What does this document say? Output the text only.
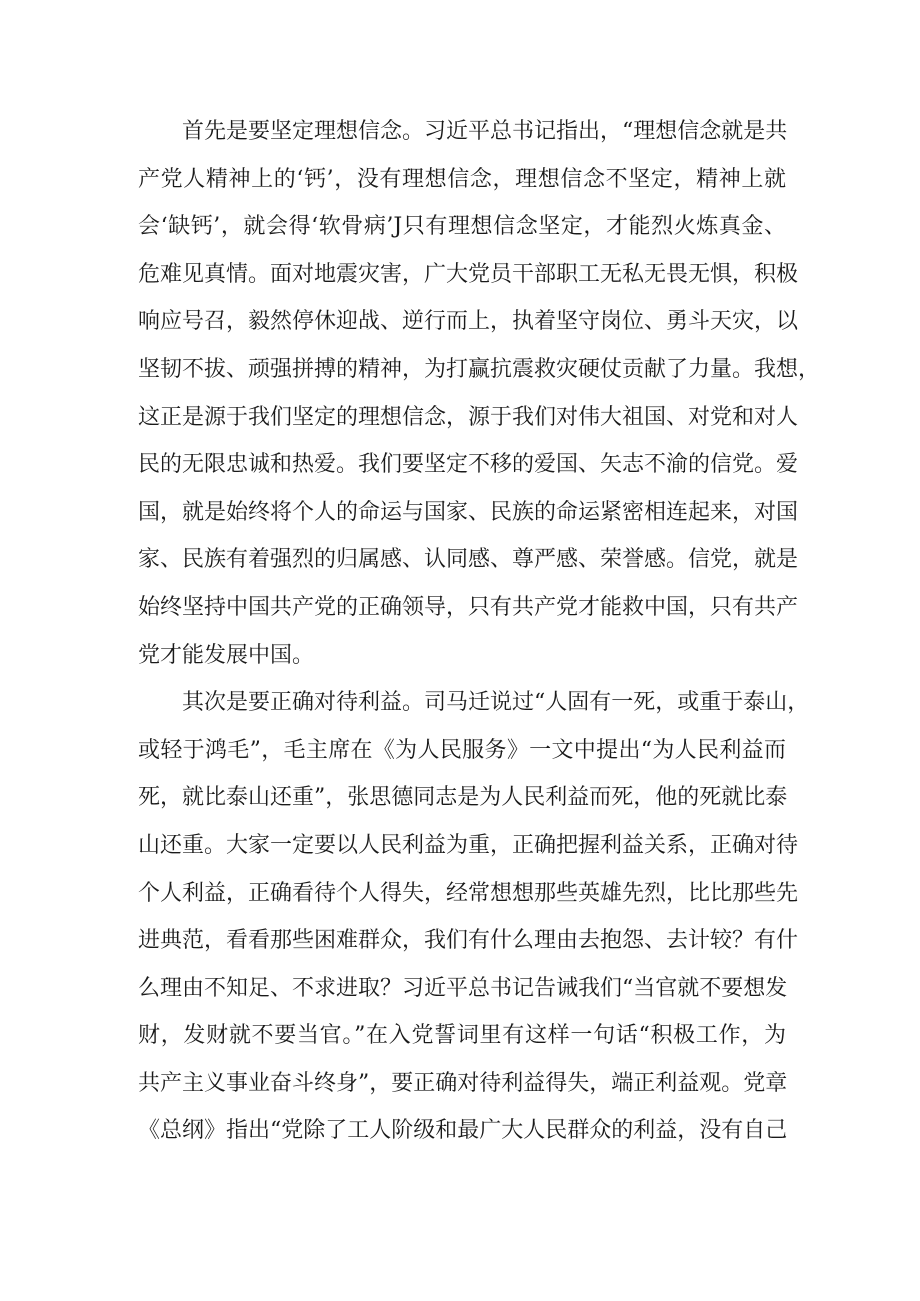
首先是要坚定理想信念。习近平总书记指出，“理想信念就是共
产党人精神上的‘钙’，没有理想信念，理想信念不坚定，精神上就
会‘缺钙’，就会得‘软骨病’J只有理想信念坚定，才能烈火炼真金、
危难见真情。面对地震灾害，广大党员干部职工无私无畏无惧，积极
响应号召，毅然停休迎战、逆行而上，执着坚守岗位、勇斗天灾，以
坚韧不拔、顽强拼搏的精神，为打赢抗震救灾硬仗贡献了力量。我想，
这正是源于我们坚定的理想信念，源于我们对伟大祖国、对党和对人
民的无限忠诚和热爱。我们要坚定不移的爱国、矢志不渝的信党。爱
国，就是始终将个人的命运与国家、民族的命运紧密相连起来，对国
家、民族有着强烈的归属感、认同感、尊严感、荣誉感。信党，就是
始终坚持中国共产党的正确领导，只有共产党才能救中国，只有共产
党才能发展中国。

其次是要正确对待利益。司马迁说过“人固有一死，或重于泰山，
或轻于鸿毛”，毛主席在《为人民服务》一文中提出“为人民利益而
死，就比泰山还重”，张思德同志是为人民利益而死，他的死就比泰
山还重。大家一定要以人民利益为重，正确把握利益关系，正确对待
个人利益，正确看待个人得失，经常想想那些英雄先烈，比比那些先
进典范，看看那些困难群众，我们有什么理由去抱怨、去计较？有什
么理由不知足、不求进取？习近平总书记告诫我们“当官就不要想发
财，发财就不要当官。”在入党誓词里有这样一句话“积极工作，为
共产主义事业奋斗终身”，要正确对待利益得失，端正利益观。党章
《总纲》指出“党除了工人阶级和最广大人民群众的利益，没有自己
